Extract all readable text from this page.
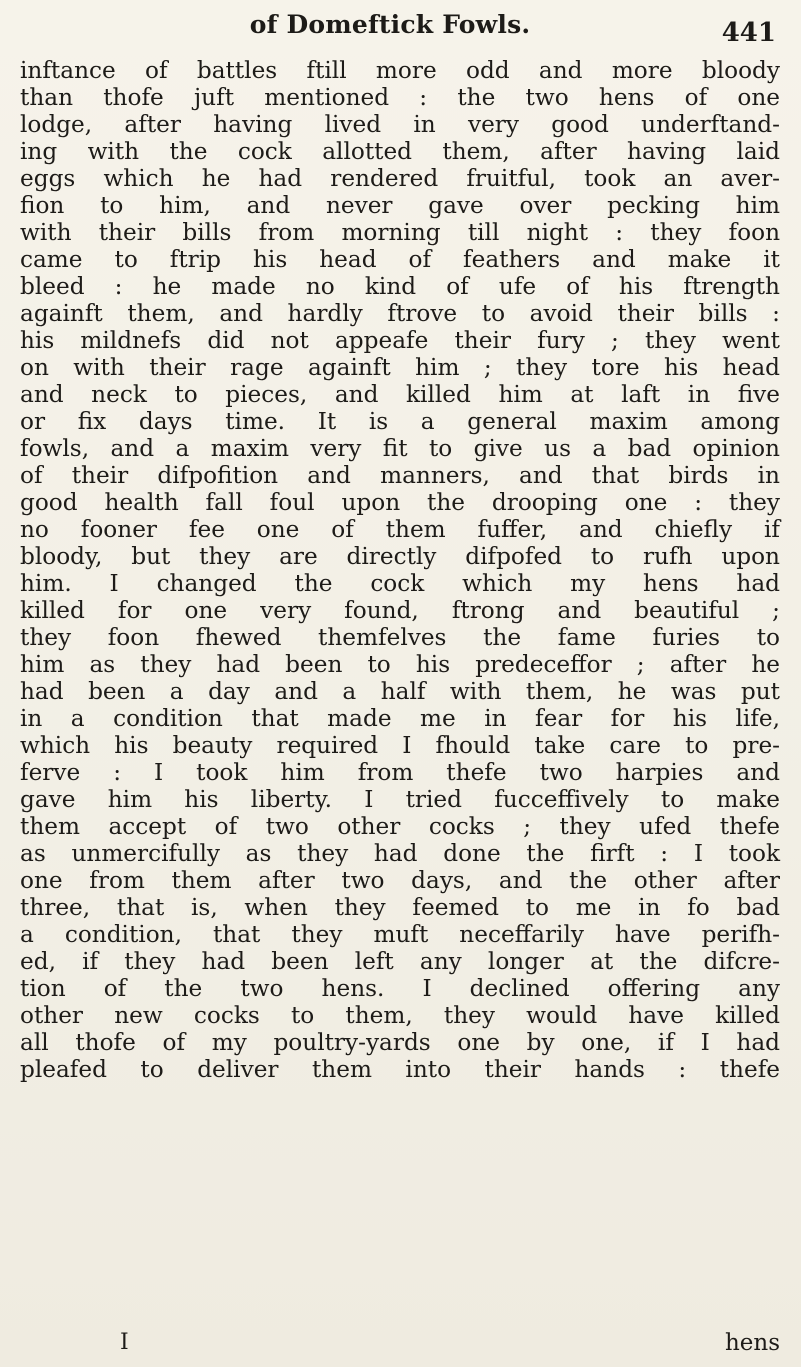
of Domeftick Fowls.	441
inftance of battles ftill more odd and more bloody
than thofe juft mentioned : the two hens of one
lodge, after having lived in very good underftand-
ing with the cock allotted them, after having laid
eggs which he had rendered fruitful, took an aver-
fion to him, and never gave over pecking him
with their bills from morning till night : they foon
came to ftrip his head of feathers and make it
bleed : he made no kind of ufe of his ftrength
againft them, and hardly ftrove to avoid their bills :
his mildnefs did not appeafe their fury ; they went
on with their rage againft him ; they tore his head
and neck to pieces, and killed him at laft in five
or fix days time. It is a general maxim among
fowls, and a maxim very fit to give us a bad opinion
of their difpofition and manners, and that birds in
good health fall foul upon the drooping one : they
no fooner fee one of them fuffer, and chiefly if
bloody, but they are directly difpofed to rufh upon
him. I changed the cock which my hens had
killed for one very found, ftrong and beautiful ;
they foon fhewed themfelves the fame furies to
him as they had been to his predeceffor ; after he
had been a day and a half with them, he was put
in a condition that made me in fear for his life,
which his beauty required I fhould take care to pre-
ferve : I took him from thefe two harpies and
gave him his liberty. I tried fucceffively to make
them accept of two other cocks ; they ufed thefe
as unmercifully as they had done the firft : I took
one from them after two days, and the other after
three, that is, when they feemed to me in fo bad
a condition, that they muft neceffarily have perifh-
ed, if they had been left any longer at the difcre-
tion of the two hens. I declined offering any
other new cocks to them, they would have killed
all thofe of my poultry-yards one by one, if I had
pleafed to deliver them into their hands : thefe
I	hens
